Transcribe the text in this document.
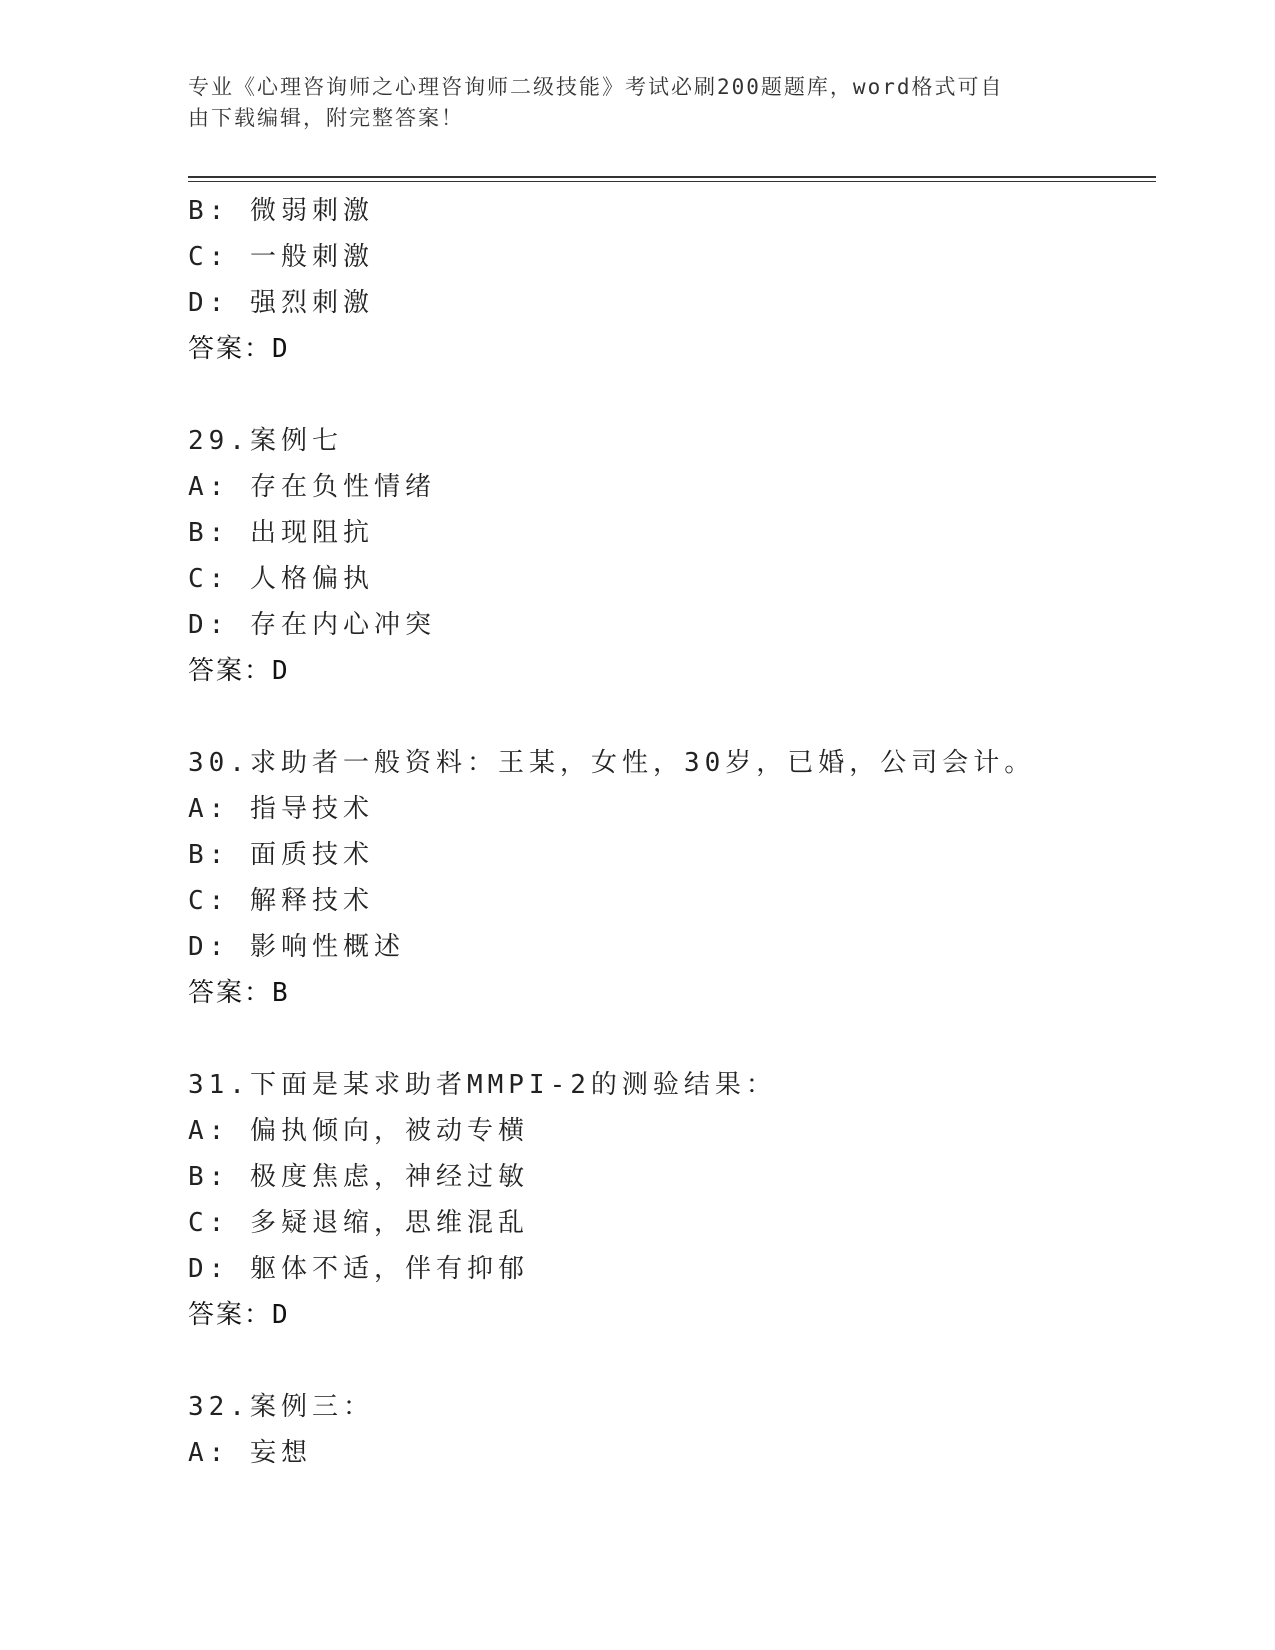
专业《心理咨询师之心理咨询师二级技能》考试必刷200题题库，word格式可自
由下载编辑，附完整答案！
B: 微弱刺激
C: 一般刺激
D: 强烈刺激
答案：D
29.案例七
A: 存在负性情绪
B: 出现阻抗
C: 人格偏执
D: 存在内心冲突
答案：D
30.求助者一般资料：王某，女性，30岁，已婚，公司会计。
A: 指导技术
B: 面质技术
C: 解释技术
D: 影响性概述
答案：B
31.下面是某求助者MMPI-2的测验结果：
A: 偏执倾向，被动专横
B: 极度焦虑，神经过敏
C: 多疑退缩，思维混乱
D: 躯体不适，伴有抑郁
答案：D
32.案例三：
A: 妄想
